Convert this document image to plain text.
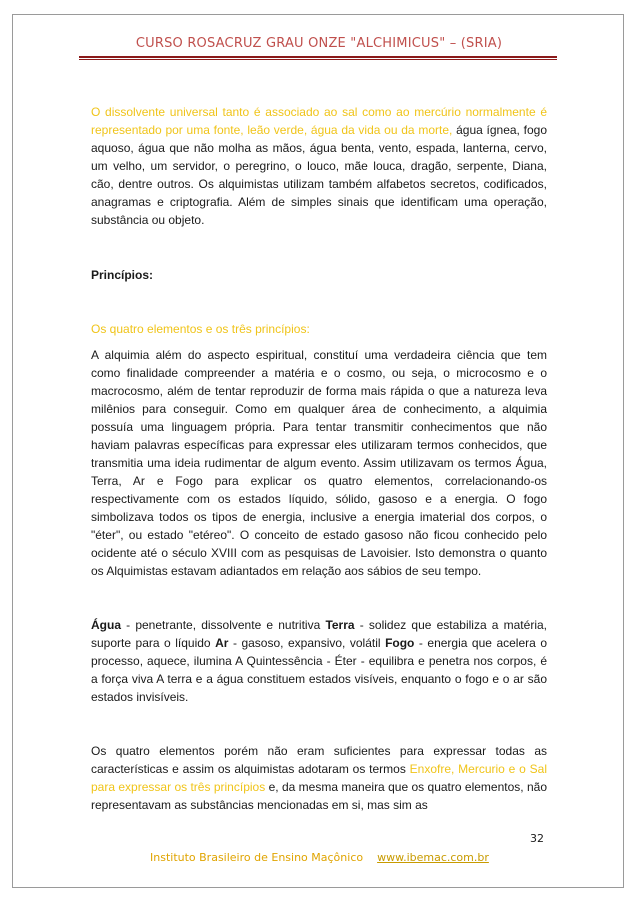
CURSO ROSACRUZ GRAU ONZE "ALCHIMICUS" – (SRIA)

O dissolvente universal tanto é associado ao sal como ao mercúrio normalmente é representado por uma fonte, leão verde, água da vida ou da morte, água ígnea, fogo aquoso, água que não molha as mãos, água benta, vento, espada, lanterna, cervo, um velho, um servidor, o peregrino, o louco, mãe louca, dragão, serpente, Diana, cão, dentre outros. Os alquimistas utilizam também alfabetos secretos, codificados, anagramas e criptografia. Além de simples sinais que identificam uma operação, substância ou objeto.

Princípios:

Os quatro elementos e os três princípios:

A alquimia além do aspecto espiritual, constituí uma verdadeira ciência que tem como finalidade compreender a matéria e o cosmo, ou seja, o microcosmo e o macrocosmo, além de tentar reproduzir de forma mais rápida o que a natureza leva milênios para conseguir. Como em qualquer área de conhecimento, a alquimia possuía uma linguagem própria. Para tentar transmitir conhecimentos que não haviam palavras específicas para expressar eles utilizaram termos conhecidos, que transmitia uma ideia rudimentar de algum evento. Assim utilizavam os termos Água, Terra, Ar e Fogo para explicar os quatro elementos, correlacionando-os respectivamente com os estados líquido, sólido, gasoso e a energia. O fogo simbolizava todos os tipos de energia, inclusive a energia imaterial dos corpos, o "éter", ou estado "etéreo". O conceito de estado gasoso não ficou conhecido pelo ocidente até o século XVIII com as pesquisas de Lavoisier. Isto demonstra o quanto os Alquimistas estavam adiantados em relação aos sábios de seu tempo.

Água - penetrante, dissolvente e nutritiva Terra - solidez que estabiliza a matéria, suporte para o líquido Ar - gasoso, expansivo, volátil Fogo - energia que acelera o processo, aquece, ilumina A Quintessência - Éter - equilibra e penetra nos corpos, é a força viva A terra e a água constituem estados visíveis, enquanto o fogo e o ar são estados invisíveis.

Os quatro elementos porém não eram suficientes para expressar todas as características e assim os alquimistas adotaram os termos Enxofre, Mercurio e o Sal para expressar os três princípios e, da mesma maneira que os quatro elementos, não representavam as substâncias mencionadas em si, mas sim as

32
Instituto Brasileiro de Ensino Maçônico www.ibemac.com.br
